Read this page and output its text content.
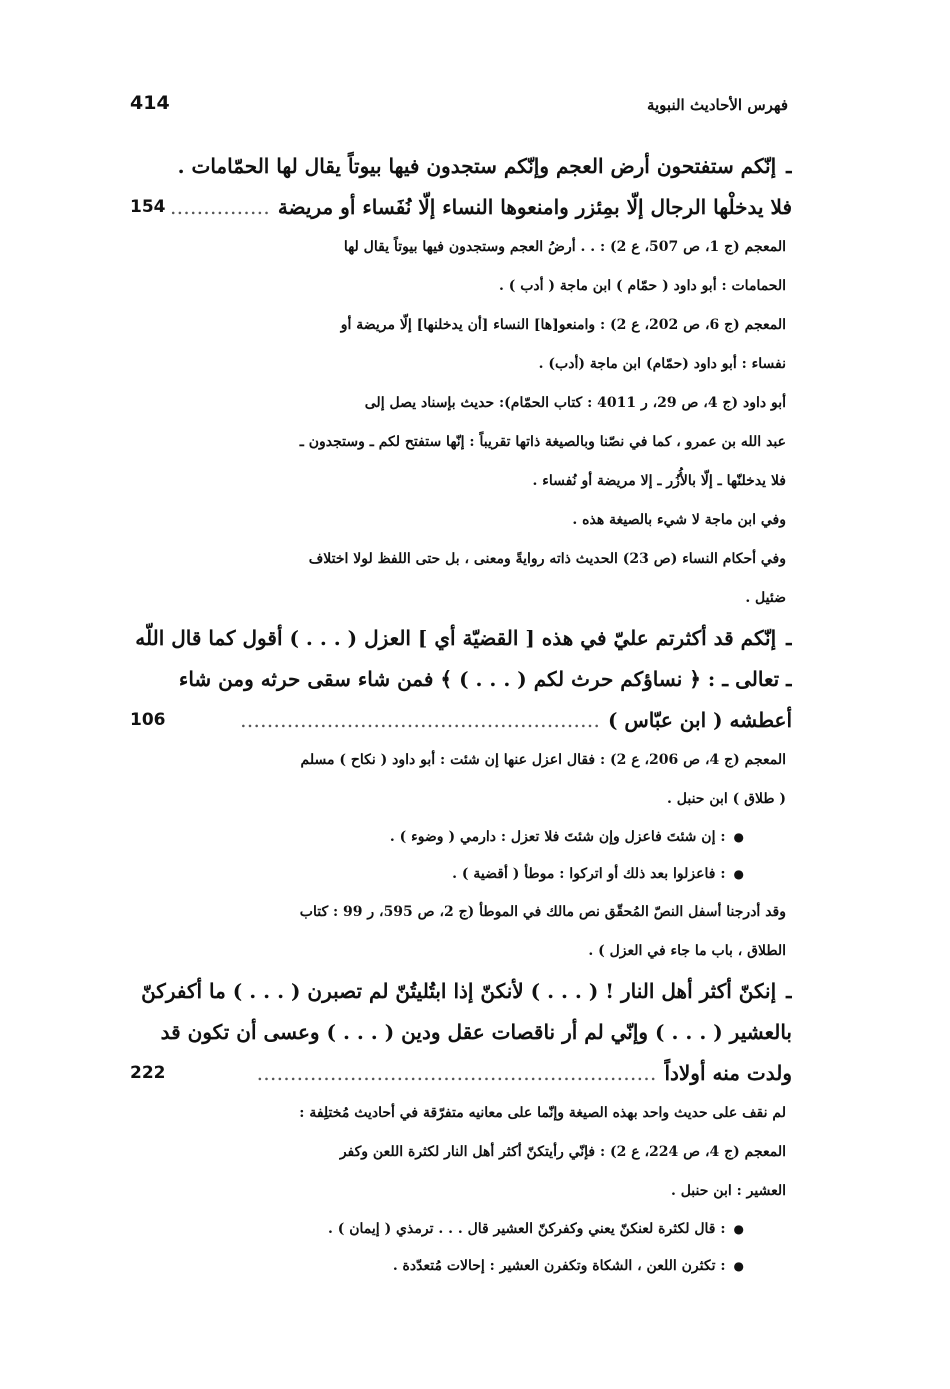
414	فهرس الأحاديث النبوية
ـإنّكم ستفتحون أرض العجم وإنّكم ستجدون فيها بيوتاً يقال لها الحمّامات .
فلا يدخلْها الرجال إلّا بمِئزر وامنعوها النساء إلّا نُفَساء أو مريضة……………
154
المعجم (ج 1، ص 507، ع 2) : . . أرضُ العجم وستجدون فيها بيوتاً يقال لها
الحمامات : أبو داود ( حمّام ) ابن ماجة ( أدب ) .
المعجم (ج 6، ص 202، ع 2) : وامنعو[ها] النساء [أن يدخلنها] إلّا مريضة أو
نفساء : أبو داود (حمّام) ابن ماجة (أدب) .
أبو داود (ج 4، ص 29، ر 4011 : كتاب الحمّام): حديث بإسناد يصل إلى
عبد الله بن عمرو ، كما في نصّنا وبالصيغة ذاتها تقريباً : إنّها ستفتح لكم ـ وستجدون ـ
فلا يدخلنّها ـ إلّا بالأُزُر ـ إلا مريضة أو نُفساء .
وفي ابن ماجة لا شيء بالصيغة هذه .
وفي أحكام النساء (ص 23) الحديث ذاته روايةً ومعنى ، بل حتى اللفظ لولا اختلاف
ضئيل .
ـإنّكم قد أكثرتم عليّ في هذه [ القضيّة أي ] العزل ( . . . ) أقول كما قال اللّه
ـ تعالى ـ : ﴿ نساؤكم حرث لكم ( . . . ) ﴾ فمن شاء سقى حرثه ومن شاء
أعطشه ( ابن عبّاس )………………………………………………
106
المعجم (ج 4، ص 206، ع 2) : فقال اعزل عنها إن شئت : أبو داود ( نكاح ) مسلم
( طلاق ) ابن حنبل .
●: إن شئتَ فاعزل وإن شئتَ فلا تعزل : دارمي ( وضوء ) .
●: فاعزلوا بعد ذلك أو اتركوا : موطأ ( أقضية ) .
وقد أدرجنا أسفل النصّ المُحقّق نص مالك في الموطأ (ج 2، ص 595، ر 99 : كتاب
الطلاق ، باب ما جاء في العزل ) .
ـإنكنّ أكثر أهل النار ! ( . . . ) لأنكنّ إذا ابتُليتُنّ لم تصبرن ( . . . ) ما أكفركنّ
بالعشير ( . . . ) وإنّي لم أر ناقصات عقل ودين ( . . . ) وعسى أن تكون قد
ولدت منه أولاداً……………………………………………………
222
لم نقف على حديث واحد بهذه الصيغة وإنّما على معانيه متفرّقة في أحاديث مُختلِفة :
المعجم (ج 4، ص 224، ع 2) : فإنّي رأيتكنّ أكثر أهل النار لكثرة اللعن وكفر
العشير : ابن حنبل .
●: قال لكثرة لعنكنّ يعني وكفركنّ العشير قال . . . ترمذي ( إيمان ) .
●: تكثرن اللعن ، الشكاة وتكفرن العشير : إحالات مُتعدّدة .
